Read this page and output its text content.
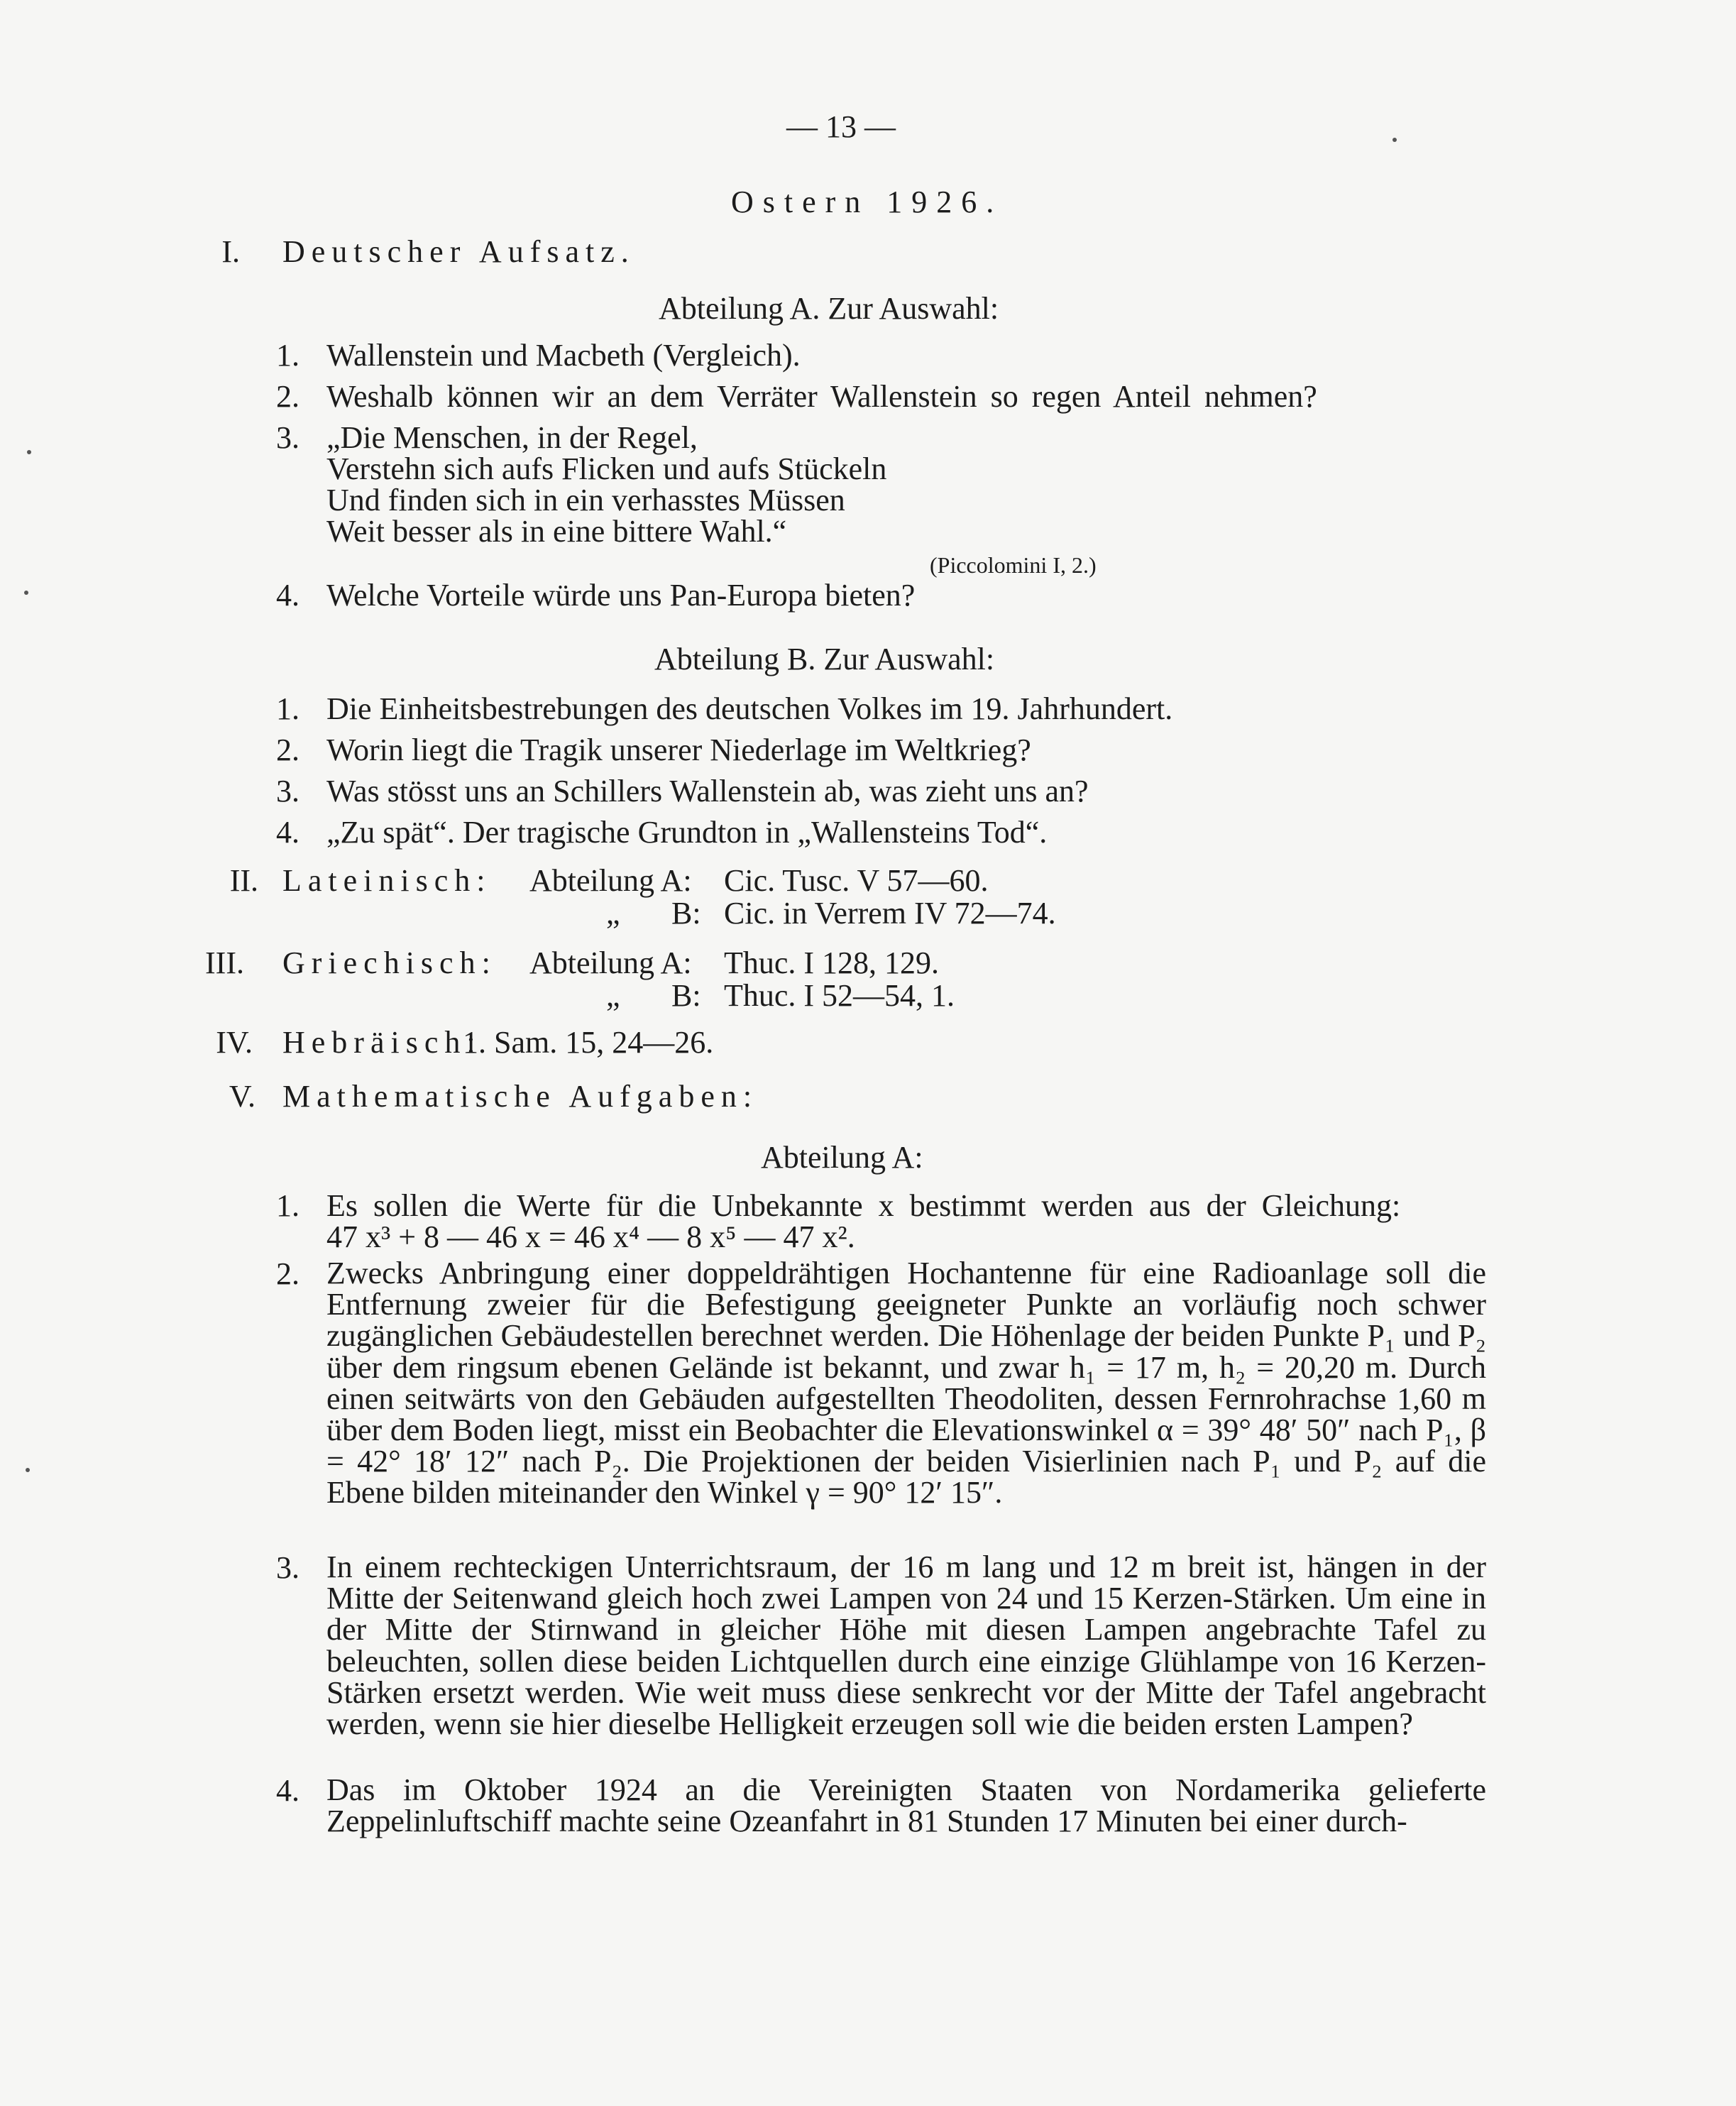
— 13 —
Ostern 1926.
I. Deutscher Aufsatz.
Abteilung A. Zur Auswahl:
1. Wallenstein und Macbeth (Vergleich).
2. Weshalb können wir an dem Verräter Wallenstein so regen Anteil nehmen?
3. „Die Menschen, in der Regel,
Verstehn sich aufs Flicken und aufs Stückeln
Und finden sich in ein verhasstes Müssen
Weit besser als in eine bittere Wahl.“
(Piccolomini I, 2.)
4. Welche Vorteile würde uns Pan-Europa bieten?
Abteilung B. Zur Auswahl:
1. Die Einheitsbestrebungen des deutschen Volkes im 19. Jahrhundert.
2. Worin liegt die Tragik unserer Niederlage im Weltkrieg?
3. Was stösst uns an Schillers Wallenstein ab, was zieht uns an?
4. „Zu spät“. Der tragische Grundton in „Wallensteins Tod“.
II. Lateinisch: Abteilung A: Cic. Tusc. V 57—60.
„ B: Cic. in Verrem IV 72—74.
III. Griechisch: Abteilung A: Thuc. I 128, 129.
„ B: Thuc. I 52—54, 1.
IV. Hebräisch:
1. Sam. 15, 24—26.
V. Mathematische Aufgaben:
Abteilung A:
1. Es sollen die Werte für die Unbekannte x bestimmt werden aus der Gleichung:
47 x³ + 8 — 46 x = 46 x⁴ — 8 x⁵ — 47 x².
2. Zwecks Anbringung einer doppeldrähtigen Hochantenne für eine Radioanlage soll die Entfernung zweier für die Befestigung geeigneter Punkte an vorläufig noch schwer zugänglichen Gebäudestellen berechnet werden. Die Höhenlage der beiden Punkte P₁ und P₂ über dem ringsum ebenen Gelände ist bekannt, und zwar h₁ = 17 m, h₂ = 20,20 m. Durch einen seitwärts von den Gebäuden aufgestellten Theodoliten, dessen Fernrohrachse 1,60 m über dem Boden liegt, misst ein Beobachter die Elevationswinkel α = 39° 48′ 50″ nach P₁, β = 42° 18′ 12″ nach P₂. Die Projektionen der beiden Visierlinien nach P₁ und P₂ auf die Ebene bilden miteinander den Winkel γ = 90° 12′ 15″.
3. In einem rechteckigen Unterrichtsraum, der 16 m lang und 12 m breit ist, hängen in der Mitte der Seitenwand gleich hoch zwei Lampen von 24 und 15 Kerzen-Stärken. Um eine in der Mitte der Stirnwand in gleicher Höhe mit diesen Lampen angebrachte Tafel zu beleuchten, sollen diese beiden Lichtquellen durch eine einzige Glühlampe von 16 Kerzen-Stärken ersetzt werden. Wie weit muss diese senkrecht vor der Mitte der Tafel angebracht werden, wenn sie hier dieselbe Helligkeit erzeugen soll wie die beiden ersten Lampen?
4. Das im Oktober 1924 an die Vereinigten Staaten von Nordamerika gelieferte Zeppelinluftschiff machte seine Ozeanfahrt in 81 Stunden 17 Minuten bei einer durch-
